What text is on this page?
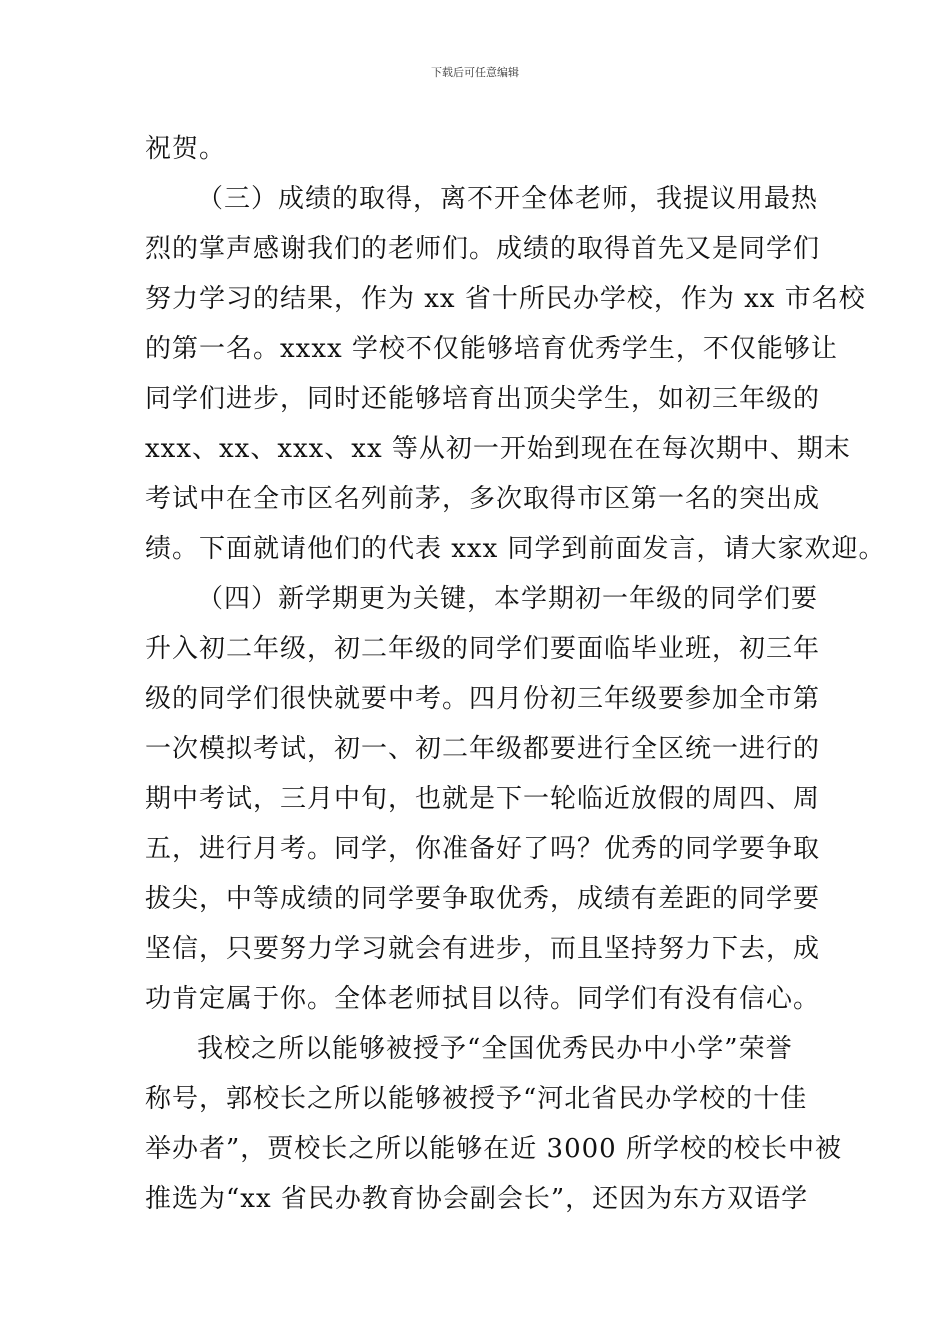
下载后可任意编辑
祝贺。
（三）成绩的取得，离不开全体老师，我提议用最热
烈的掌声感谢我们的老师们。成绩的取得首先又是同学们
努力学习的结果，作为 xx 省十所民办学校，作为 xx 市名校
的第一名。xxxx 学校不仅能够培育优秀学生，不仅能够让
同学们进步，同时还能够培育出顶尖学生，如初三年级的
xxx、xx、xxx、xx 等从初一开始到现在在每次期中、期末
考试中在全市区名列前茅，多次取得市区第一名的突出成
绩。下面就请他们的代表 xxx 同学到前面发言，请大家欢迎。
（四）新学期更为关键，本学期初一年级的同学们要
升入初二年级，初二年级的同学们要面临毕业班，初三年
级的同学们很快就要中考。四月份初三年级要参加全市第
一次模拟考试，初一、初二年级都要进行全区统一进行的
期中考试，三月中旬，也就是下一轮临近放假的周四、周
五，进行月考。同学，你准备好了吗？优秀的同学要争取
拔尖，中等成绩的同学要争取优秀，成绩有差距的同学要
坚信，只要努力学习就会有进步，而且坚持努力下去，成
功肯定属于你。全体老师拭目以待。同学们有没有信心。
我校之所以能够被授予“全国优秀民办中小学”荣誉
称号，郭校长之所以能够被授予“河北省民办学校的十佳
举办者”，贾校长之所以能够在近 3000 所学校的校长中被
推选为“xx 省民办教育协会副会长”，还因为东方双语学
